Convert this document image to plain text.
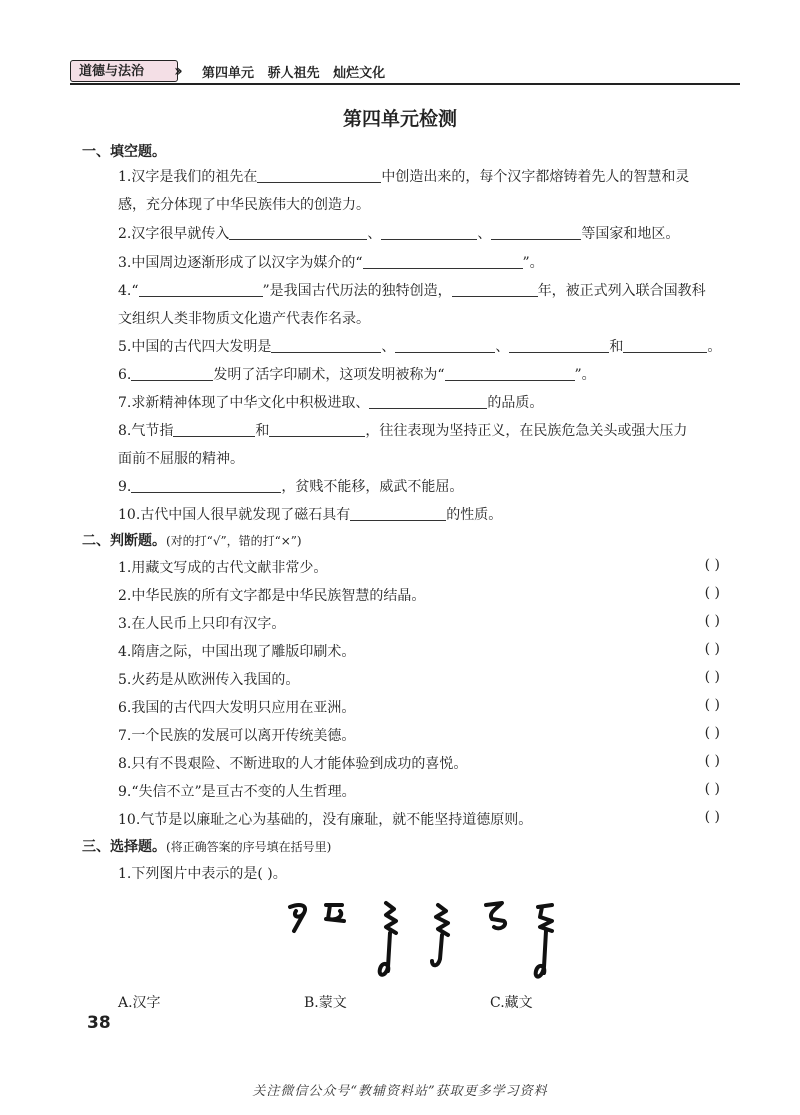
道德与法治	›› 第四单元   骄人祖先   灿烂文化
第四单元检测
一、填空题。
1.汉字是我们的祖先在	中创造出来的，每个汉字都熔铸着先人的智慧和灵
感，充分体现了中华民族伟大的创造力。
2.汉字很早就传入	、	、	等国家和地区。
3.中国周边逐渐形成了以汉字为媒介的“	”。
4.“	”是我国古代历法的独特创造，	年，被正式列入联合国教科
文组织人类非物质文化遗产代表作名录。
5.中国的古代四大发明是	、	、	和	。
6.	发明了活字印刷术，这项发明被称为“	”。
7.求新精神体现了中华文化中积极进取、	的品质。
8.气节指	和	，往往表现为坚持正义，在民族危急关头或强大压力
面前不屈服的精神。
9.	，贫贱不能移，威武不能屈。
10.古代中国人很早就发现了磁石具有	的性质。
二、判断题。(对的打“√”，错的打“×”)
1.用藏文写成的古代文献非常少。	( )
2.中华民族的所有文字都是中华民族智慧的结晶。	( )
3.在人民币上只印有汉字。	( )
4.隋唐之际，中国出现了雕版印刷术。	( )
5.火药是从欧洲传入我国的。	( )
6.我国的古代四大发明只应用在亚洲。	( )
7.一个民族的发展可以离开传统美德。	( )
8.只有不畏艰险、不断进取的人才能体验到成功的喜悦。	( )
9.“失信不立”是亘古不变的人生哲理。	( )
10.气节是以廉耻之心为基础的，没有廉耻，就不能坚持道德原则。	( )
三、选择题。(将正确答案的序号填在括号里)
1.下列图片中表示的是( )。
A.汉字	B.蒙文	C.藏文
38
关注微信公众号“教辅资料站”获取更多学习资料
